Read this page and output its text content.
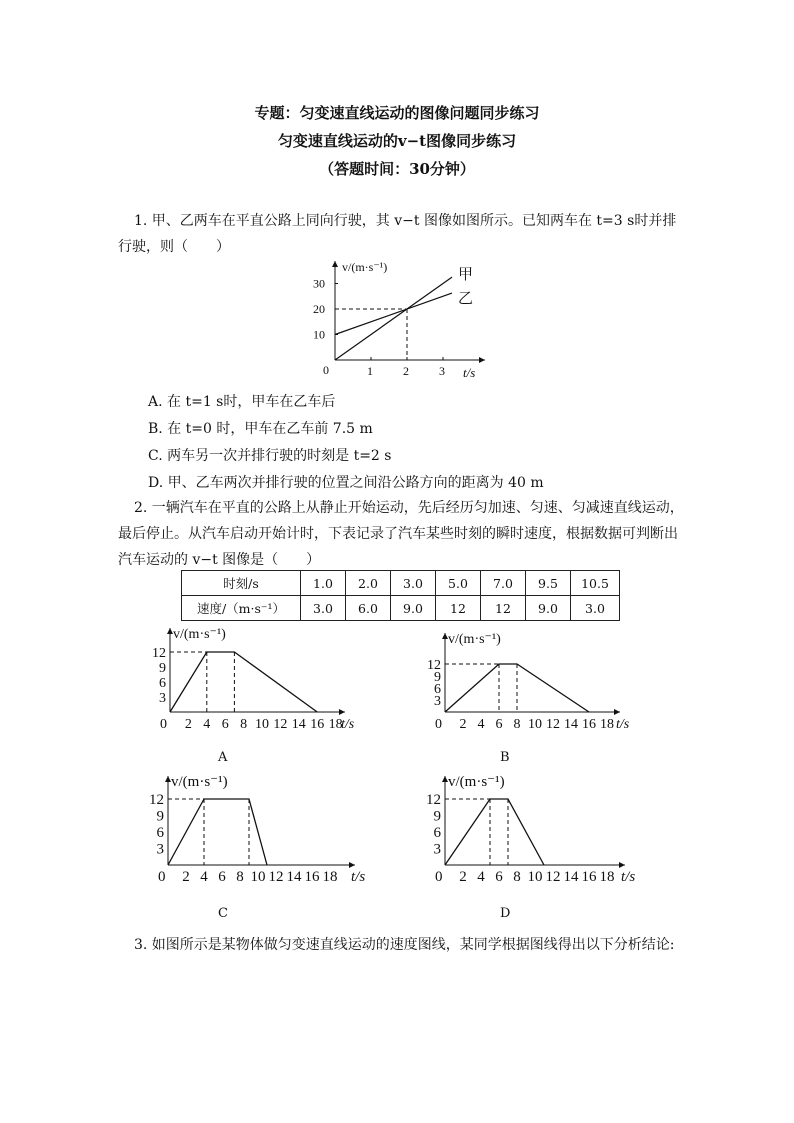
专题：匀变速直线运动的图像问题同步练习
匀变速直线运动的v−t图像同步练习
（答题时间：30分钟）
1. 甲、乙两车在平直公路上同向行驶，其 v−t 图像如图所示。已知两车在 t=3 s时并排
行驶，则（　　）
v/(m·s⁻¹)
t/s
0	1	2	3
10
20
30
甲
乙
A. 在 t=1 s时，甲车在乙车后
B. 在 t=0 时，甲车在乙车前 7.5 m
C. 两车另一次并排行驶的时刻是 t=2 s
D. 甲、乙车两次并排行驶的位置之间沿公路方向的距离为 40 m
2. 一辆汽车在平直的公路上从静止开始运动，先后经历匀加速、匀速、匀减速直线运动，
最后停止。从汽车启动开始计时，下表记录了汽车某些时刻的瞬时速度，根据数据可判断出
汽车运动的 v−t 图像是（　　）
时刻/s	1.0	2.0	3.0	5.0	7.0	9.5	10.5
速度/（m·s⁻¹）	3.0	6.0	9.0	12	12	9.0	3.0
v/(m·s⁻¹)
t/s
0 2 4 6 8 10 12 14 16 18
3
6
9
12
v/(m·s⁻¹)
t/s
0 2 4 6 8 10 12 14 16 18
3
6
9
12
v/(m·s⁻¹)
t/s
0 2 4 6 8 10 12 14 16 18
3
6
9
12
v/(m·s⁻¹)
t/s
0 2 4 6 8 10 12 14 16 18
3
6
9
12
A	B
C	D
3. 如图所示是某物体做匀变速直线运动的速度图线，某同学根据图线得出以下分析结论:
